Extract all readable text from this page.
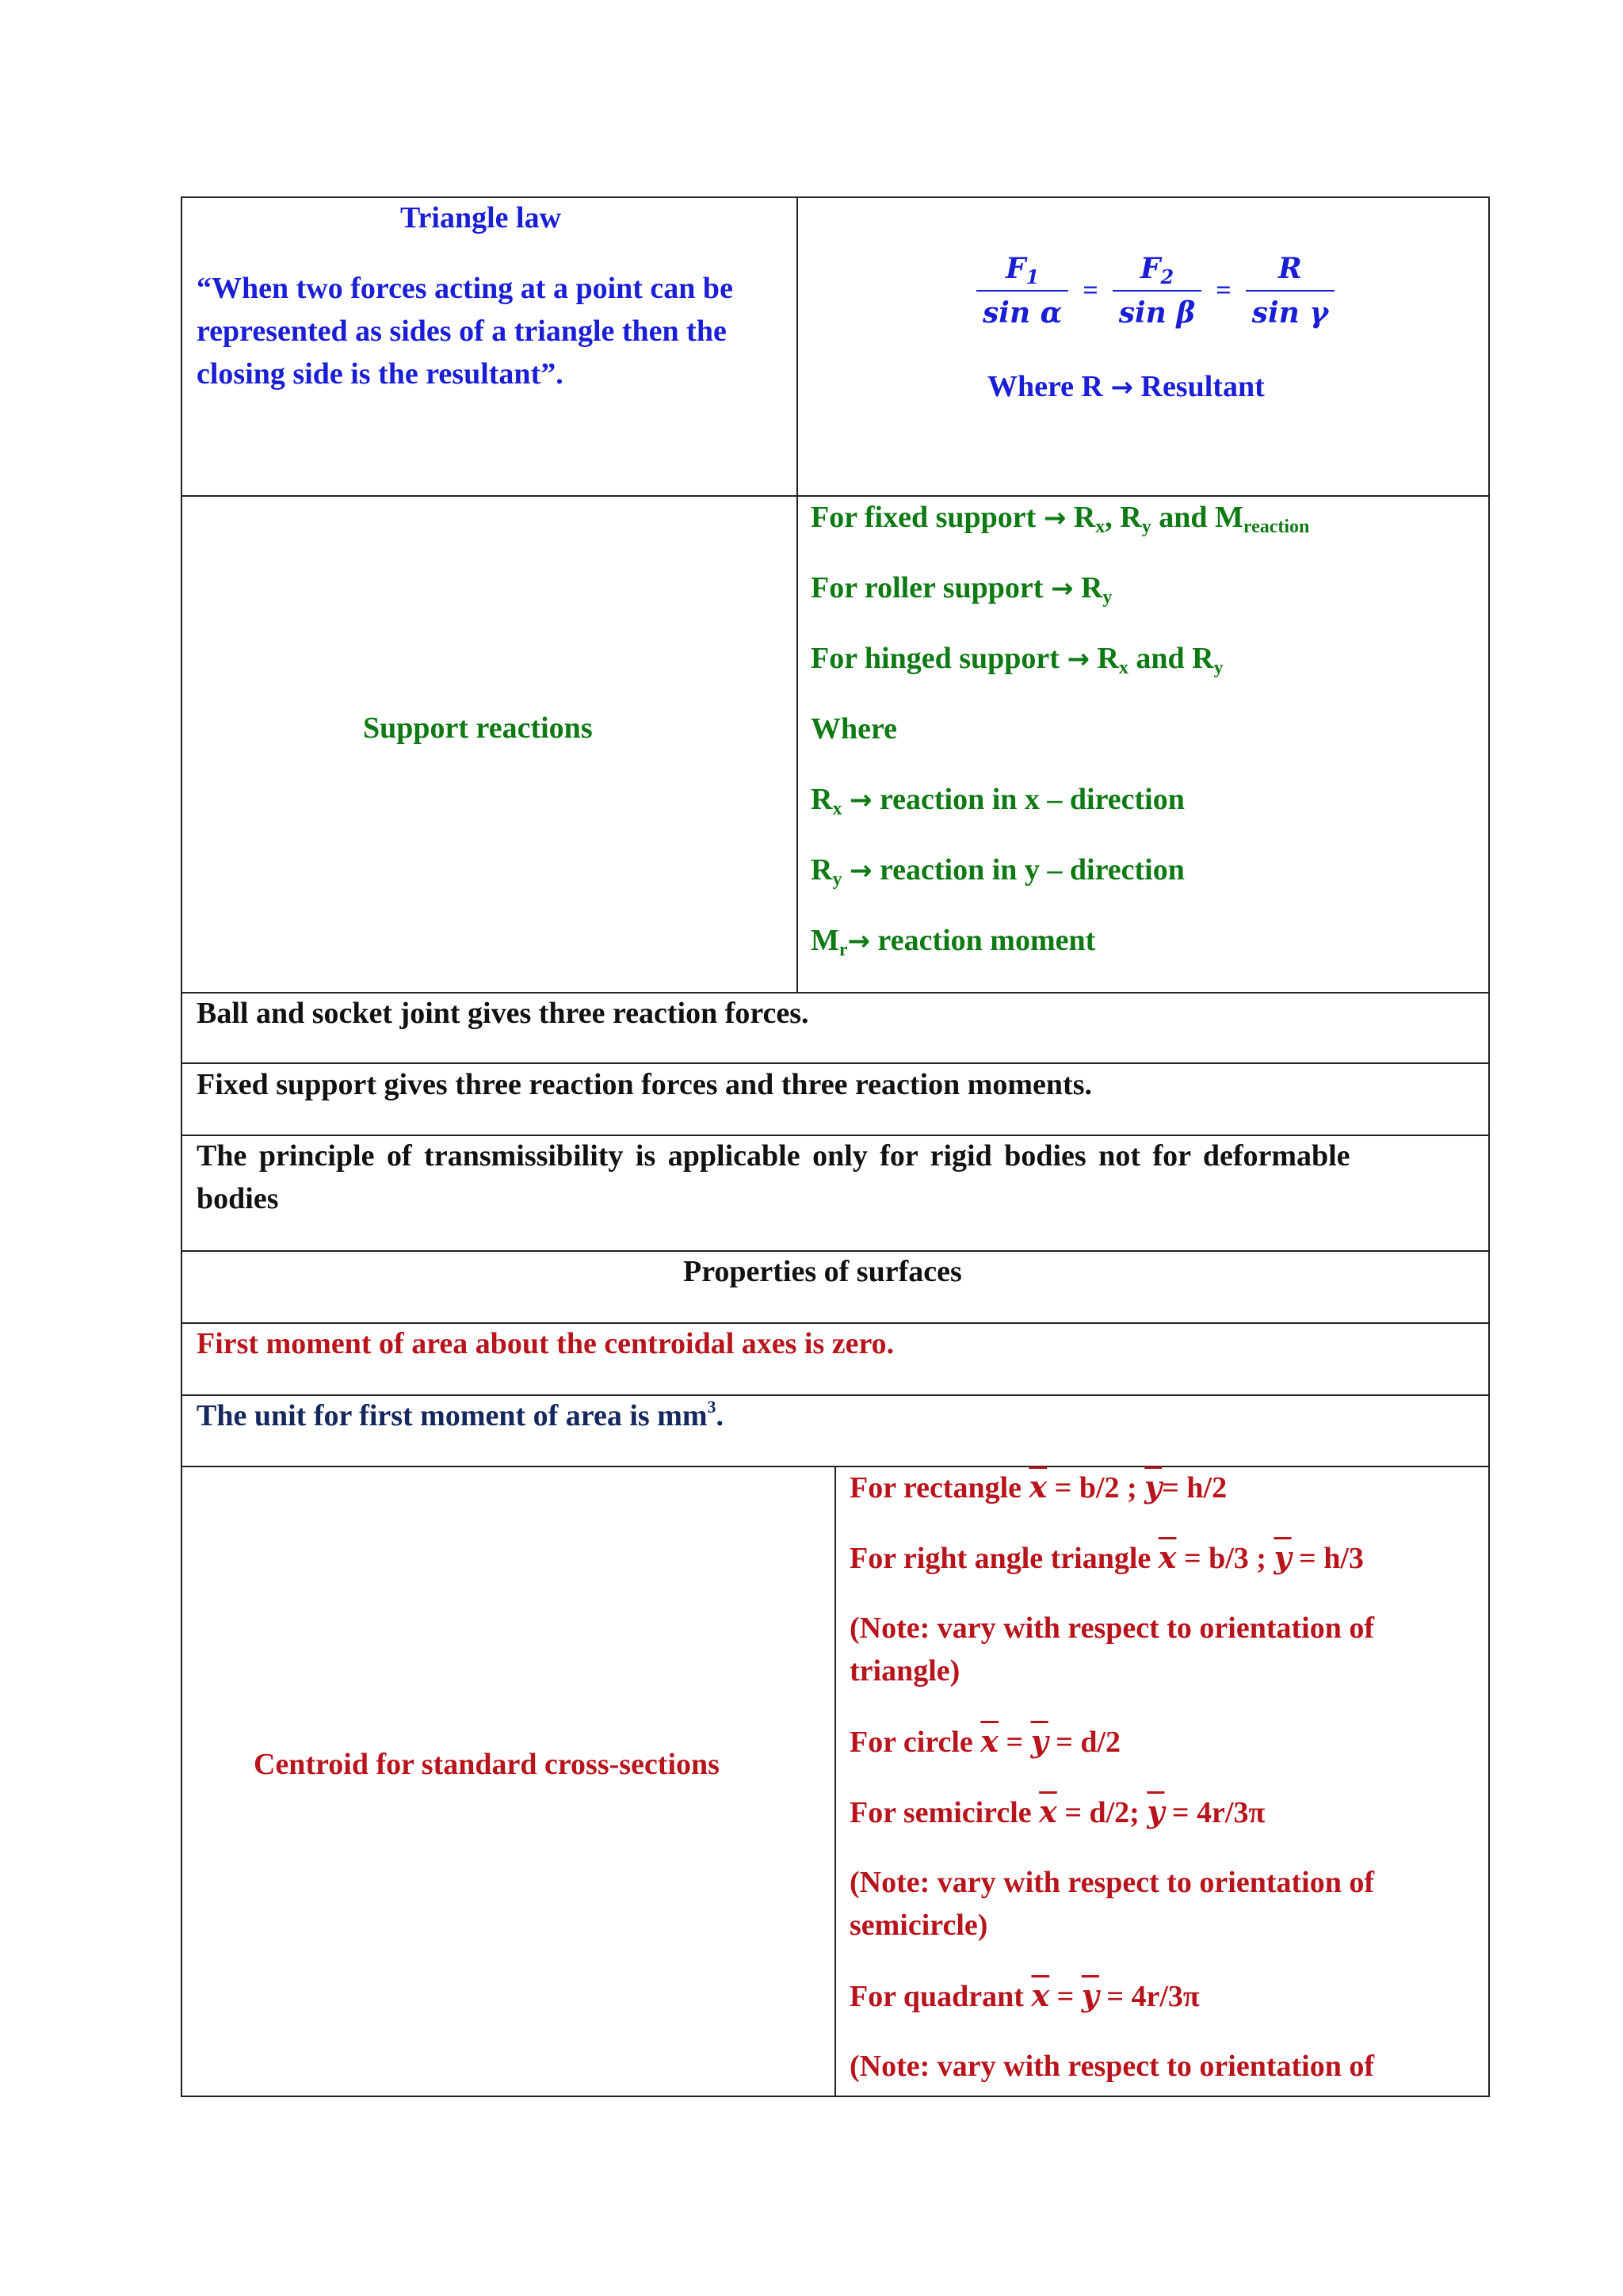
Triangle law
“When two forces acting at a point can be
represented as sides of a triangle then the
closing side is the resultant”.
$\frac{F_1}{\text{sin α}} = \frac{F_2}{\text{sin β}} = \frac{R}{\text{sin γ}}$
Where R → Resultant
Support reactions
For fixed support → $R_x$, $R_y$ and $M_{reaction}$
For roller support → $R_y$
For hinged support → $R_x$ and $R_y$
Where
$R_x$ → reaction in x – direction
$R_y$ → reaction in y – direction
$M_r\to$ reaction moment
Ball and socket joint gives three reaction forces.
Fixed support gives three reaction forces and three reaction moments.
The principle of transmissibility is applicable only for rigid bodies not for deformable
bodies
Properties of surfaces
First moment of area about the centroidal axes is zero.
The unit for first moment of area is $mm^3$.
Centroid for standard cross-sections
For rectangle $\overline{x} = b/2$ ; $\overline{y}= h/2$
For right angle triangle $\overline{x} = b/3$ ; $\overline{y} = h/3$
(Note: vary with respect to orientation of
triangle)
For circle $\overline{x} = \overline{y} = d/2$
For semicircle $\overline{x} = d/2$; $\overline{y} = 4r/3\pi$
(Note: vary with respect to orientation of
semicircle)
For quadrant $\overline{x} = \overline{y} = 4r/3\pi$
(Note: vary with respect to orientation of
